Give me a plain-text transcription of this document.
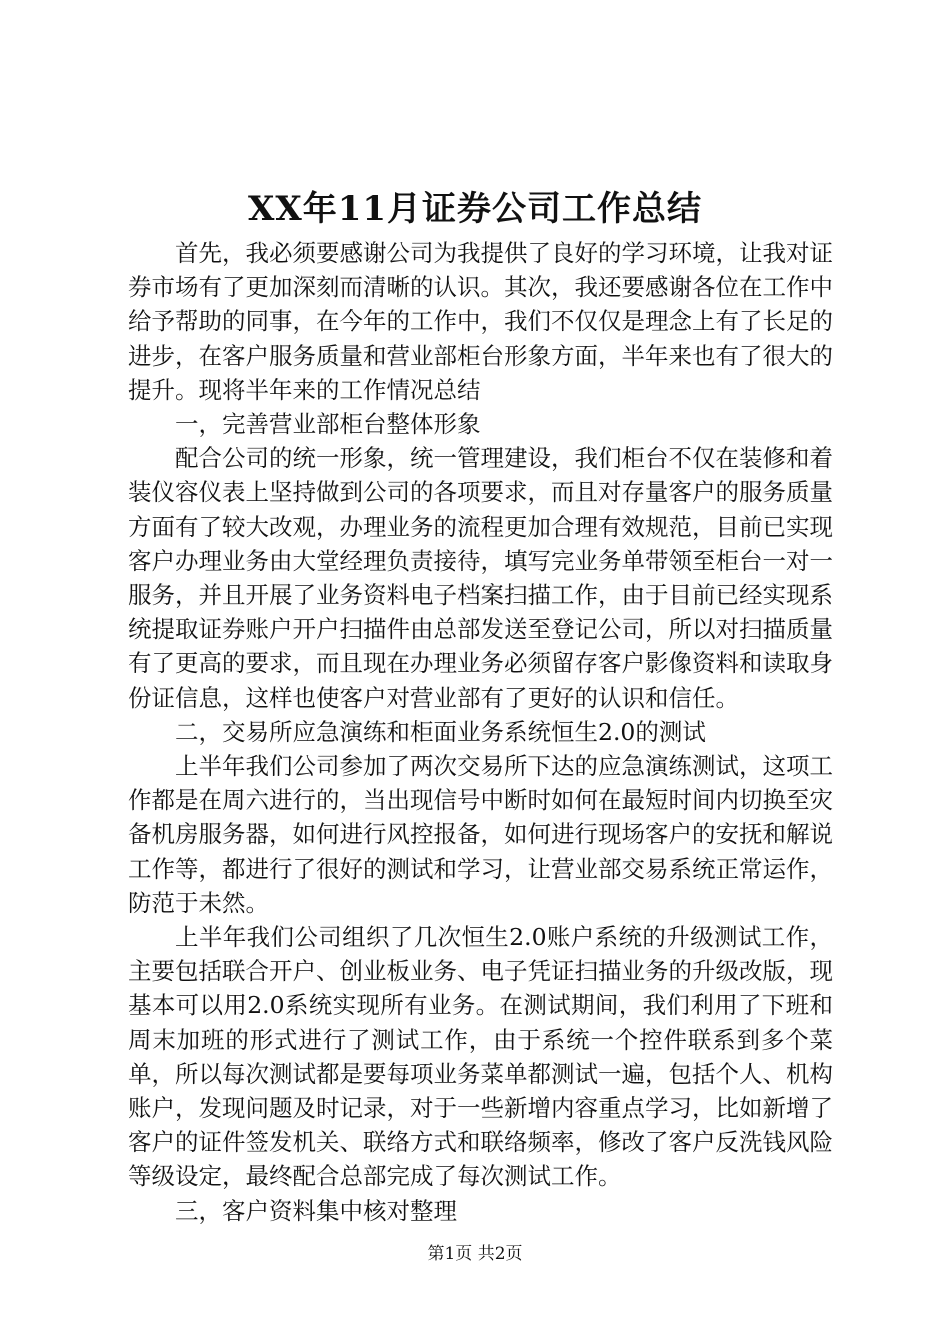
XX年11月证券公司工作总结

首先，我必须要感谢公司为我提供了良好的学习环境，让我对证券市场有了更加深刻而清晰的认识。其次，我还要感谢各位在工作中给予帮助的同事，在今年的工作中，我们不仅仅是理念上有了长足的进步，在客户服务质量和营业部柜台形象方面，半年来也有了很大的提升。现将半年来的工作情况总结

一，完善营业部柜台整体形象

配合公司的统一形象，统一管理建设，我们柜台不仅在装修和着装仪容仪表上坚持做到公司的各项要求，而且对存量客户的服务质量方面有了较大改观，办理业务的流程更加合理有效规范，目前已实现客户办理业务由大堂经理负责接待，填写完业务单带领至柜台一对一服务，并且开展了业务资料电子档案扫描工作，由于目前已经实现系统提取证券账户开户扫描件由总部发送至登记公司，所以对扫描质量有了更高的要求，而且现在办理业务必须留存客户影像资料和读取身份证信息，这样也使客户对营业部有了更好的认识和信任。

二，交易所应急演练和柜面业务系统恒生2.0的测试

上半年我们公司参加了两次交易所下达的应急演练测试，这项工作都是在周六进行的，当出现信号中断时如何在最短时间内切换至灾备机房服务器，如何进行风控报备，如何进行现场客户的安抚和解说工作等，都进行了很好的测试和学习，让营业部交易系统正常运作，防范于未然。

上半年我们公司组织了几次恒生2.0账户系统的升级测试工作，主要包括联合开户、创业板业务、电子凭证扫描业务的升级改版，现基本可以用2.0系统实现所有业务。在测试期间，我们利用了下班和周末加班的形式进行了测试工作，由于系统一个控件联系到多个菜单，所以每次测试都是要每项业务菜单都测试一遍，包括个人、机构账户，发现问题及时记录，对于一些新增内容重点学习，比如新增了客户的证件签发机关、联络方式和联络频率，修改了客户反洗钱风险等级设定，最终配合总部完成了每次测试工作。

三，客户资料集中核对整理

第1页 共2页
